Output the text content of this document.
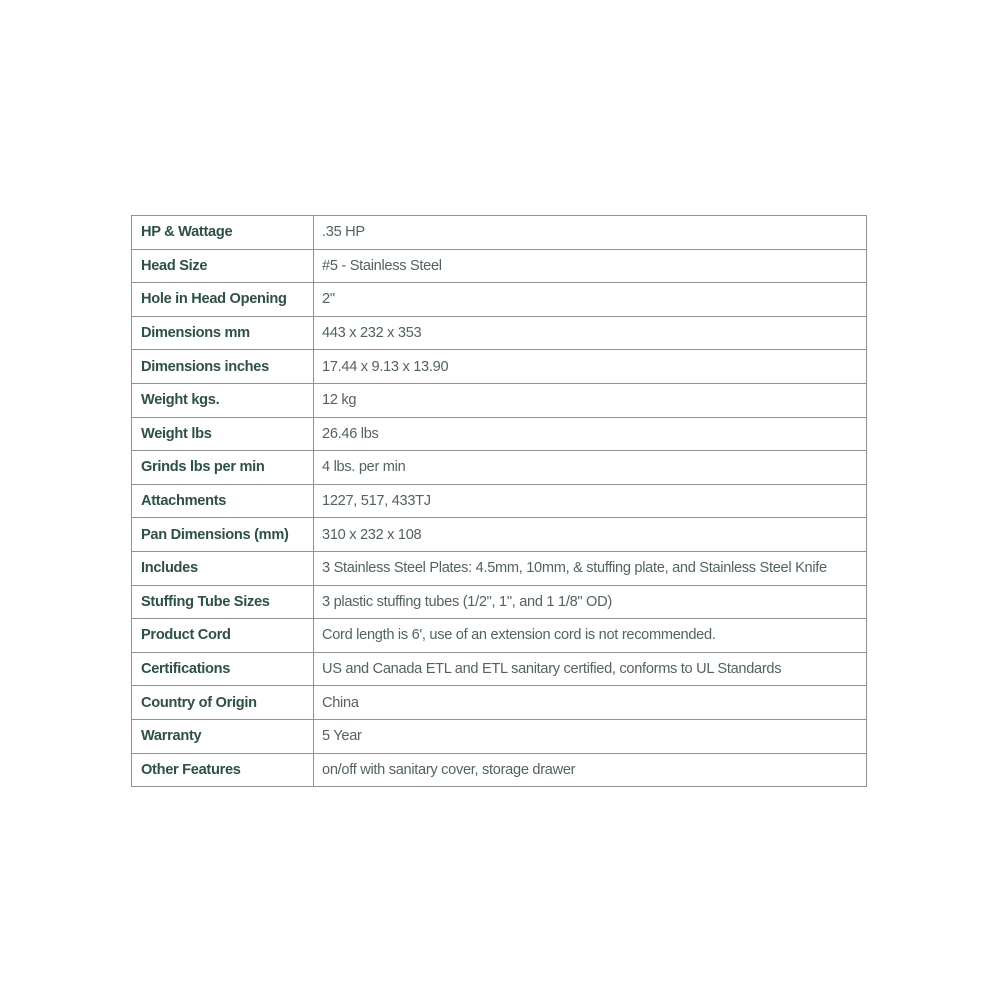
HP & Wattage	.35 HP
Head Size	#5 - Stainless Steel
Hole in Head Opening	2"
Dimensions mm	443 x 232 x 353
Dimensions inches	17.44 x 9.13 x 13.90
Weight kgs.	12 kg
Weight lbs	26.46 lbs
Grinds lbs per min	4 lbs. per min
Attachments	1227, 517, 433TJ
Pan Dimensions (mm)	310 x 232 x 108
Includes	3 Stainless Steel Plates: 4.5mm, 10mm, & stuffing plate, and Stainless Steel Knife
Stuffing Tube Sizes	3 plastic stuffing tubes (1/2", 1", and 1 1/8" OD)
Product Cord	Cord length is 6', use of an extension cord is not recommended.
Certifications	US and Canada ETL and ETL sanitary certified, conforms to UL Standards
Country of Origin	China
Warranty	5 Year
Other Features	on/off with sanitary cover, storage drawer
